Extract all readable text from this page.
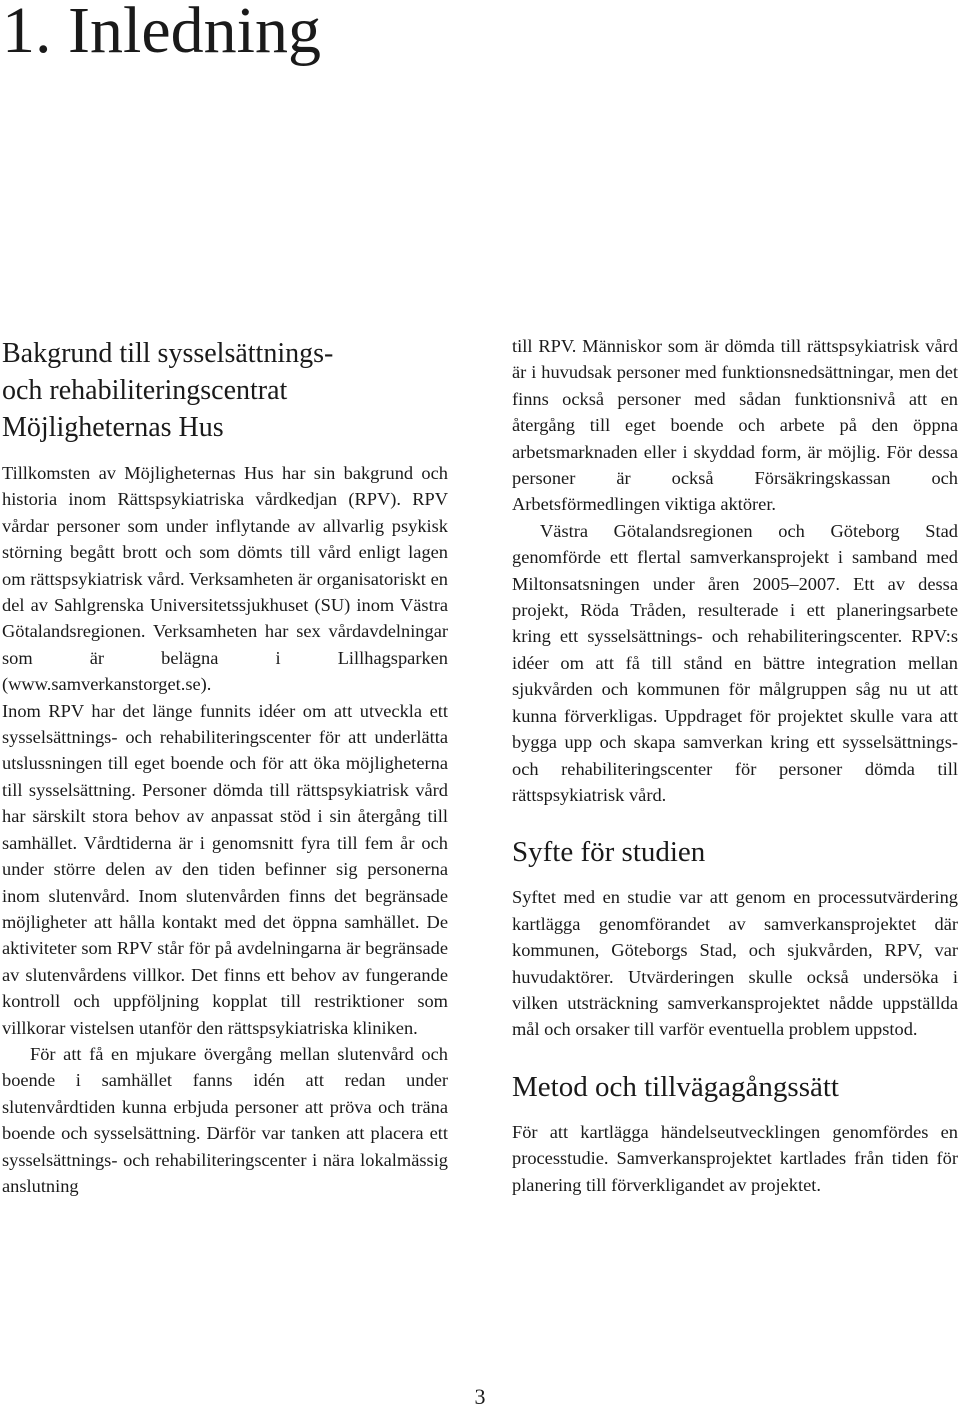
1. Inledning
Bakgrund till sysselsättnings-
och rehabiliteringscentrat
Möjligheternas Hus

Tillkomsten av Möjligheternas Hus har sin bakgrund och historia inom Rättspsykiatriska vårdkedjan (RPV). RPV vårdar personer som under inflytande av allvarlig psykisk störning begått brott och som dömts till vård enligt lagen om rättspsykiatrisk vård. Verksamheten är organisatoriskt en del av Sahlgrenska Universitetssjukhuset (SU) inom Västra Götalandsregionen. Verksamheten har sex vårdavdelningar som är belägna i Lillhagsparken (www.samverkanstorget.se).

Inom RPV har det länge funnits idéer om att utveckla ett sysselsättnings- och rehabiliteringscenter för att underlätta utslussningen till eget boende och för att öka möjligheterna till sysselsättning. Personer dömda till rättspsykiatrisk vård har särskilt stora behov av anpassat stöd i sin återgång till samhället. Vårdtiderna är i genomsnitt fyra till fem år och under större delen av den tiden befinner sig personerna inom slutenvård. Inom slutenvården finns det begränsade möjligheter att hålla kontakt med det öppna samhället. De aktiviteter som RPV står för på avdelningarna är begränsade av slutenvårdens villkor. Det finns ett behov av fungerande kontroll och uppföljning kopplat till restriktioner som villkorar vistelsen utanför den rättspsykiatriska kliniken.

För att få en mjukare övergång mellan slutenvård och boende i samhället fanns idén att redan under slutenvårdtiden kunna erbjuda personer att pröva och träna boende och sysselsättning. Därför var tanken att placera ett sysselsättnings- och rehabiliteringscenter i nära lokalmässig anslutning

till RPV. Människor som är dömda till rättspsykiatrisk vård är i huvudsak personer med funktionsnedsättningar, men det finns också personer med sådan funktionsnivå att en återgång till eget boende och arbete på den öppna arbetsmarknaden eller i skyddad form, är möjlig. För dessa personer är också Försäkringskassan och Arbetsförmedlingen viktiga aktörer.

Västra Götalandsregionen och Göteborg Stad genomförde ett flertal samverkansprojekt i samband med Miltonsatsningen under åren 2005–2007. Ett av dessa projekt, Röda Tråden, resulterade i ett planeringsarbete kring ett sysselsättnings- och rehabiliteringscenter. RPV:s idéer om att få till stånd en bättre integration mellan sjukvården och kommunen för målgruppen såg nu ut att kunna förverkligas. Uppdraget för projektet skulle vara att bygga upp och skapa samverkan kring ett sysselsättnings- och rehabiliteringscenter för personer dömda till rättspsykiatrisk vård.

Syfte för studien

Syftet med en studie var att genom en processutvärdering kartlägga genomförandet av samverkansprojektet där kommunen, Göteborgs Stad, och sjukvården, RPV, var huvudaktörer. Utvärderingen skulle också undersöka i vilken utsträckning samverkansprojektet nådde uppställda mål och orsaker till varför eventuella problem uppstod.

Metod och tillvägagångssätt

För att kartlägga händelseutvecklingen genomfördes en processtudie. Samverkansprojektet kartlades från tiden för planering till förverkligandet av projektet.

3
